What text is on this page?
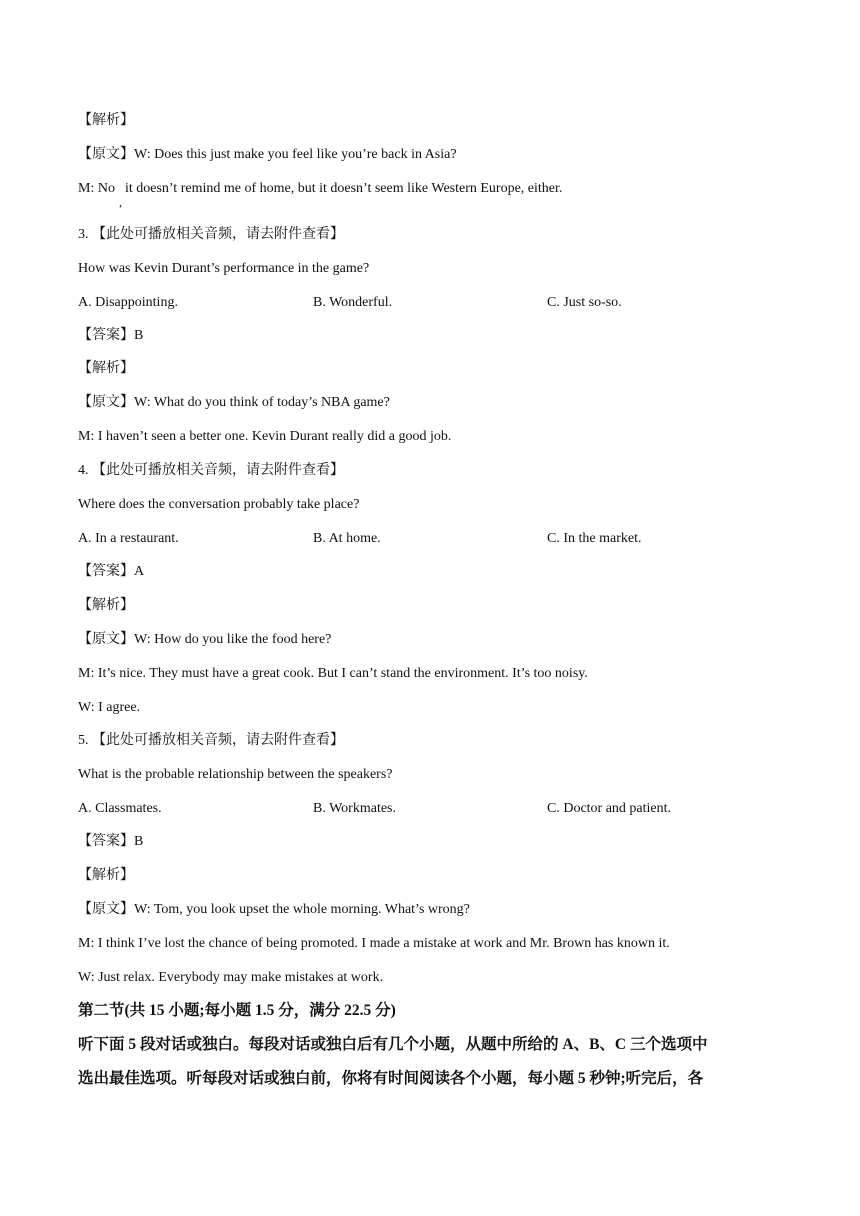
【解析】
【原文】W: Does this just make you feel like you’re back in Asia?
M: No it doesn’t remind me of home, but it doesn’t seem like Western Europe, either.
,
3. 【此处可播放相关音频，请去附件查看】
How was Kevin Durant’s performance in the game?
A. Disappointing.	B. Wonderful.	C. Just so-so.
【答案】B
【解析】
【原文】W: What do you think of today’s NBA game?
M: I haven’t seen a better one. Kevin Durant really did a good job.
4. 【此处可播放相关音频，请去附件查看】
Where does the conversation probably take place?
A. In a restaurant.	B. At home.	C. In the market.
【答案】A
【解析】
【原文】W: How do you like the food here?
M: It’s nice. They must have a great cook. But I can’t stand the environment. It’s too noisy.
W: I agree.
5. 【此处可播放相关音频，请去附件查看】
What is the probable relationship between the speakers?
A. Classmates.	B. Workmates.	C. Doctor and patient.
【答案】B
【解析】
【原文】W: Tom, you look upset the whole morning. What’s wrong?
M: I think I’ve lost the chance of being promoted. I made a mistake at work and Mr. Brown has known it.
W: Just relax. Everybody may make mistakes at work.
第二节(共 15 小题;每小题 1.5 分，满分 22.5 分)
听下面 5 段对话或独白。每段对话或独白后有几个小题，从题中所给的 A、B、C 三个选项中
选出最佳选项。听每段对话或独白前，你将有时间阅读各个小题，每小题 5 秒钟;听完后，各
